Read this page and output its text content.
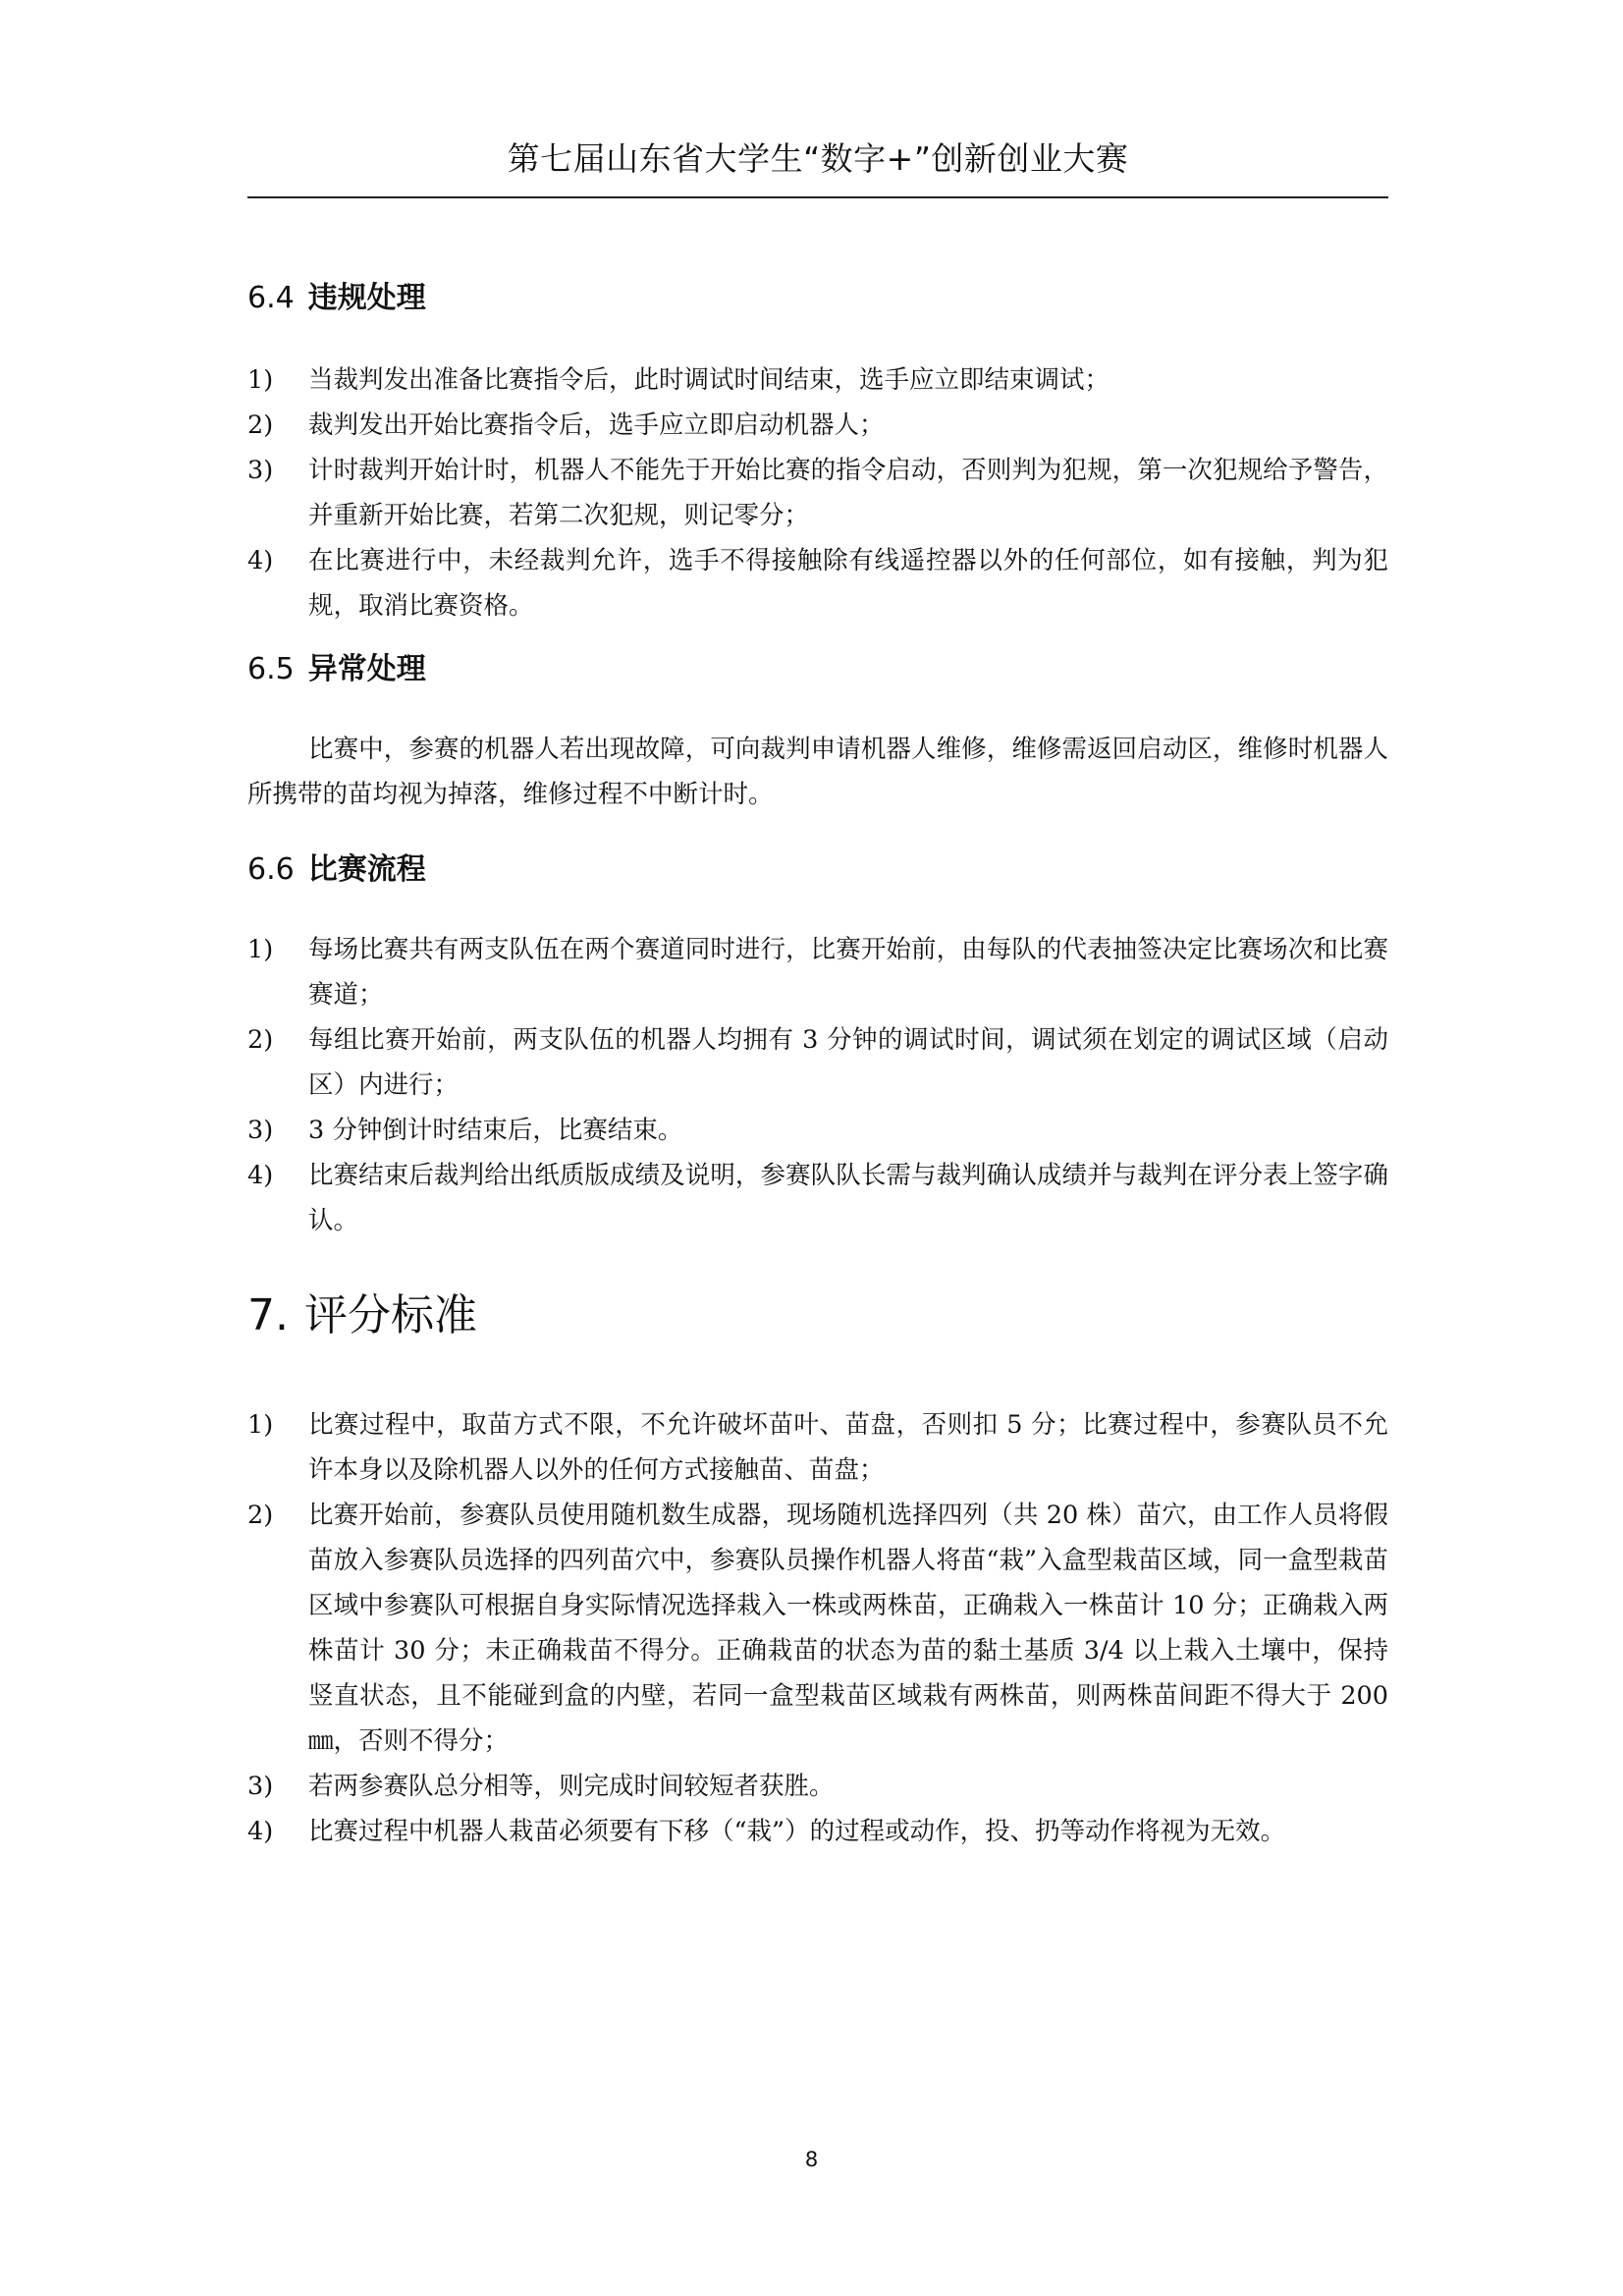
第七届山东省大学生“数字+”创新创业大赛
6.4 违规处理
1)	当裁判发出准备比赛指令后，此时调试时间结束，选手应立即结束调试；
2)	裁判发出开始比赛指令后，选手应立即启动机器人；
3)	计时裁判开始计时，机器人不能先于开始比赛的指令启动，否则判为犯规，第一次犯规给予警告，并重新开始比赛，若第二次犯规，则记零分；
4)	在比赛进行中，未经裁判允许，选手不得接触除有线遥控器以外的任何部位，如有接触，判为犯规，取消比赛资格。
6.5 异常处理

比赛中，参赛的机器人若出现故障，可向裁判申请机器人维修，维修需返回启动区，维修时机器人所携带的苗均视为掉落，维修过程不中断计时。

6.6 比赛流程
1)	每场比赛共有两支队伍在两个赛道同时进行，比赛开始前，由每队的代表抽签决定比赛场次和比赛赛道；
2)	每组比赛开始前，两支队伍的机器人均拥有 3 分钟的调试时间，调试须在划定的调试区域（启动区）内进行；
3)	3 分钟倒计时结束后，比赛结束。
4)	比赛结束后裁判给出纸质版成绩及说明，参赛队队长需与裁判确认成绩并与裁判在评分表上签字确认。
7. 评分标准
1)	比赛过程中，取苗方式不限，不允许破坏苗叶、苗盘，否则扣 5 分；比赛过程中，参赛队员不允许本身以及除机器人以外的任何方式接触苗、苗盘；
2)	比赛开始前，参赛队员使用随机数生成器，现场随机选择四列（共 20 株）苗穴，由工作人员将假苗放入参赛队员选择的四列苗穴中，参赛队员操作机器人将苗“栽”入盒型栽苗区域，同一盒型栽苗区域中参赛队可根据自身实际情况选择栽入一株或两株苗，正确栽入一株苗计 10 分；正确栽入两株苗计 30 分；未正确栽苗不得分。正确栽苗的状态为苗的黏土基质 3/4 以上栽入土壤中，保持竖直状态，且不能碰到盒的内壁，若同一盒型栽苗区域栽有两株苗，则两株苗间距不得大于 200㎜，否则不得分；
3)	若两参赛队总分相等，则完成时间较短者获胜。
4)	比赛过程中机器人栽苗必须要有下移（“栽”）的过程或动作，投、扔等动作将视为无效。
8
